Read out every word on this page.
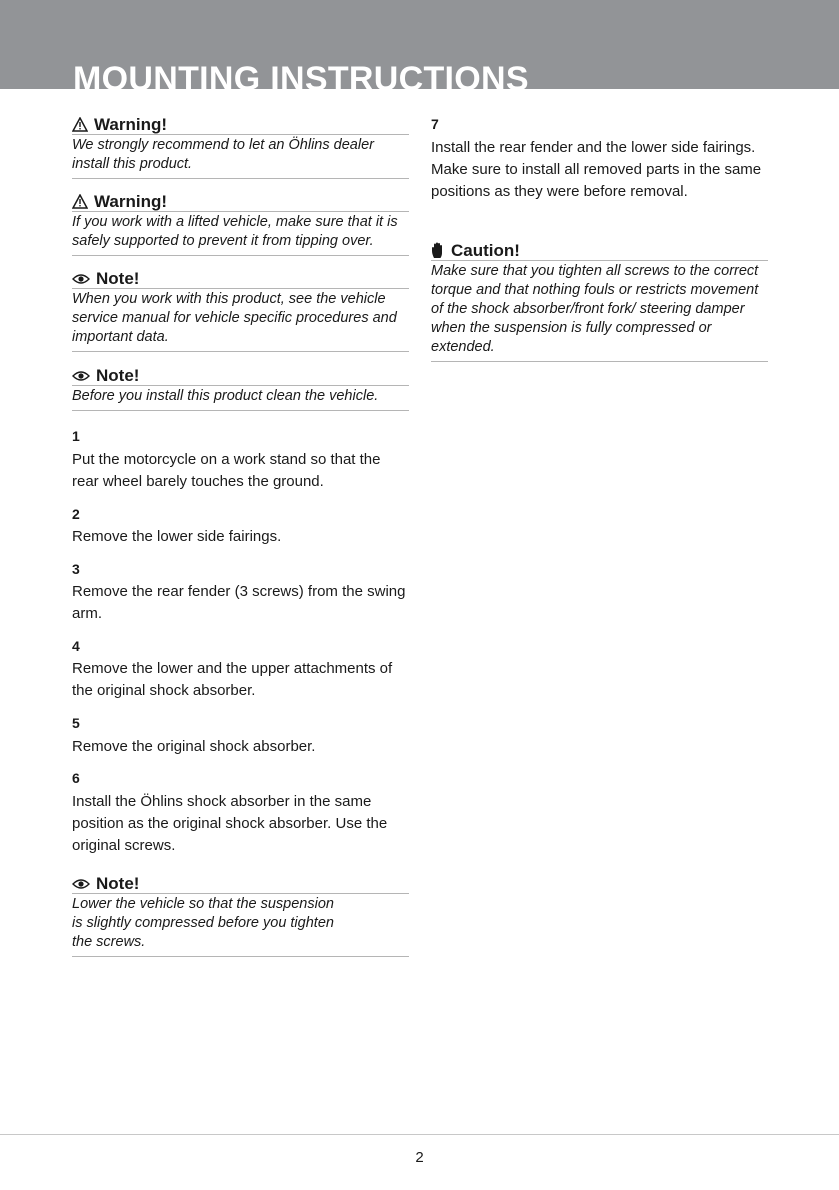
MOUNTING INSTRUCTIONS
Warning!
We strongly recommend to let an Öhlins dealer install this product.
Warning!
If you work with a lifted vehicle, make sure that it is safely supported to prevent it from tipping over.
Note!
When you work with this product, see the vehicle service manual for vehicle specific procedures and important data.
Note!
Before you install this product clean the vehicle.
1
Put the motorcycle on a work stand so that the rear wheel barely touches the ground.
2
Remove the lower side fairings.
3
Remove the rear fender (3 screws) from the swing arm.
4
Remove the lower and the upper attachments of the original shock absorber.
5
Remove the original shock absorber.
6
Install the Öhlins shock absorber in the same position as the original shock absorber. Use the original screws.
Note!
Lower the vehicle so that the suspension
is slightly compressed before you tighten
the screws.
7
Install the rear fender and the lower side fairings. Make sure to install all removed parts in the same positions as they were before removal.
Caution!
Make sure that you tighten all screws to the correct torque and that nothing fouls or restricts movement of the shock absorber/front fork/ steering damper when the suspension is fully compressed or extended.
2
